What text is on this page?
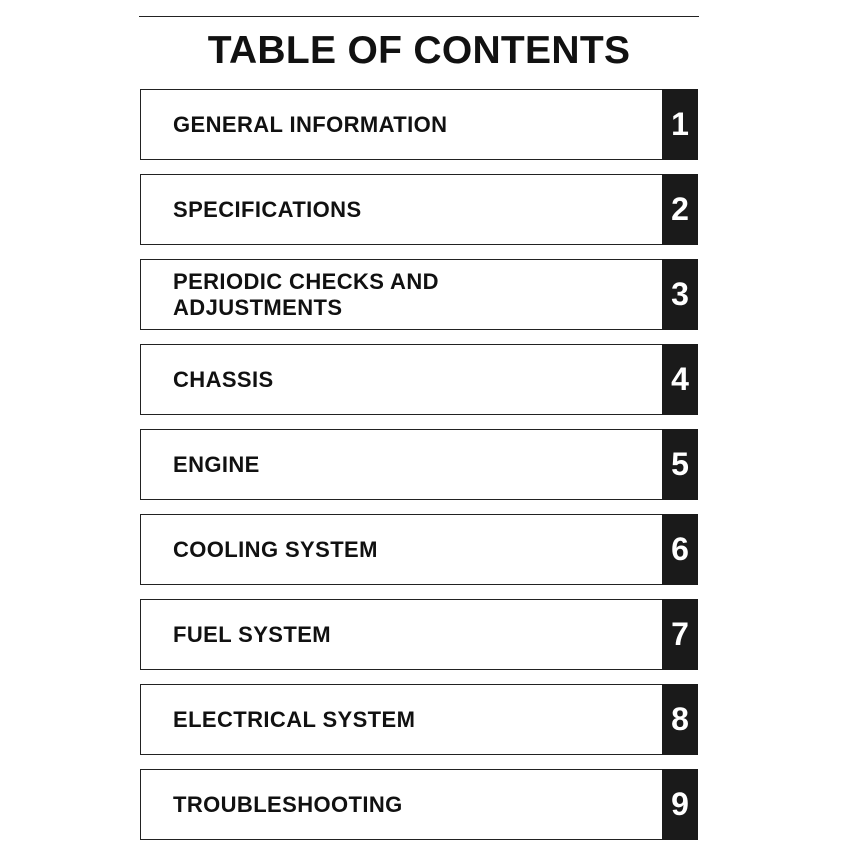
TABLE OF CONTENTS
GENERAL INFORMATION	1
SPECIFICATIONS	2
PERIODIC CHECKS AND
ADJUSTMENTS	3
CHASSIS	4
ENGINE	5
COOLING SYSTEM	6
FUEL SYSTEM	7
ELECTRICAL SYSTEM	8
TROUBLESHOOTING	9
